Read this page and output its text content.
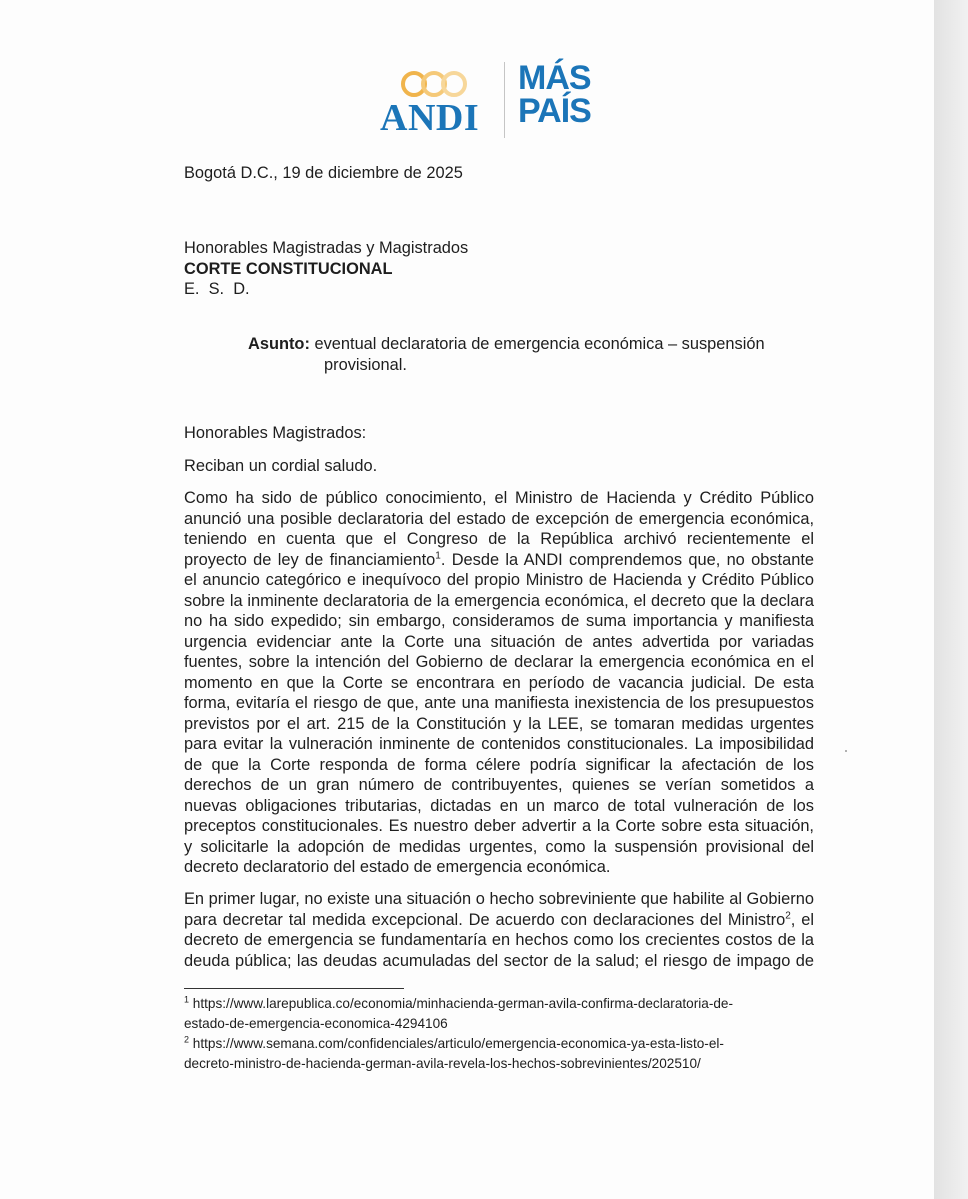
ANDI
MÁS
PAÍS
Bogotá D.C., 19 de diciembre de 2025
Honorables Magistradas y Magistrados
CORTE CONSTITUCIONAL
E.  S.  D.
Asunto: eventual declaratoria de emergencia económica – suspensión
provisional.
Honorables Magistrados:
Reciban un cordial saludo.
Como ha sido de público conocimiento, el Ministro de Hacienda y Crédito Público
anunció una posible declaratoria del estado de excepción de emergencia económica,
teniendo en cuenta que el Congreso de la República archivó recientemente el
proyecto de ley de financiamiento$^1$. Desde la ANDI comprendemos que, no obstante
el anuncio categórico e inequívoco del propio Ministro de Hacienda y Crédito Público
sobre la inminente declaratoria de la emergencia económica, el decreto que la declara
no ha sido expedido; sin embargo, consideramos de suma importancia y manifiesta
urgencia evidenciar ante la Corte una situación de antes advertida por variadas
fuentes, sobre la intención del Gobierno de declarar la emergencia económica en el
momento en que la Corte se encontrara en período de vacancia judicial. De esta
forma, evitaría el riesgo de que, ante una manifiesta inexistencia de los presupuestos
previstos por el art. 215 de la Constitución y la LEE, se tomaran medidas urgentes
para evitar la vulneración inminente de contenidos constitucionales. La imposibilidad
de que la Corte responda de forma célere podría significar la afectación de los
derechos de un gran número de contribuyentes, quienes se verían sometidos a
nuevas obligaciones tributarias, dictadas en un marco de total vulneración de los
preceptos constitucionales. Es nuestro deber advertir a la Corte sobre esta situación,
y solicitarle la adopción de medidas urgentes, como la suspensión provisional del
decreto declaratorio del estado de emergencia económica.
En primer lugar, no existe una situación o hecho sobreviniente que habilite al Gobierno
para decretar tal medida excepcional. De acuerdo con declaraciones del Ministro$^2$, el
decreto de emergencia se fundamentaría en hechos como los crecientes costos de la
deuda pública; las deudas acumuladas del sector de la salud; el riesgo de impago de
$^1$ https://www.larepublica.co/economia/minhacienda-german-avila-confirma-declaratoria-de-
estado-de-emergencia-economica-4294106
$^2$ https://www.semana.com/confidenciales/articulo/emergencia-economica-ya-esta-listo-el-
decreto-ministro-de-hacienda-german-avila-revela-los-hechos-sobrevinientes/202510/
